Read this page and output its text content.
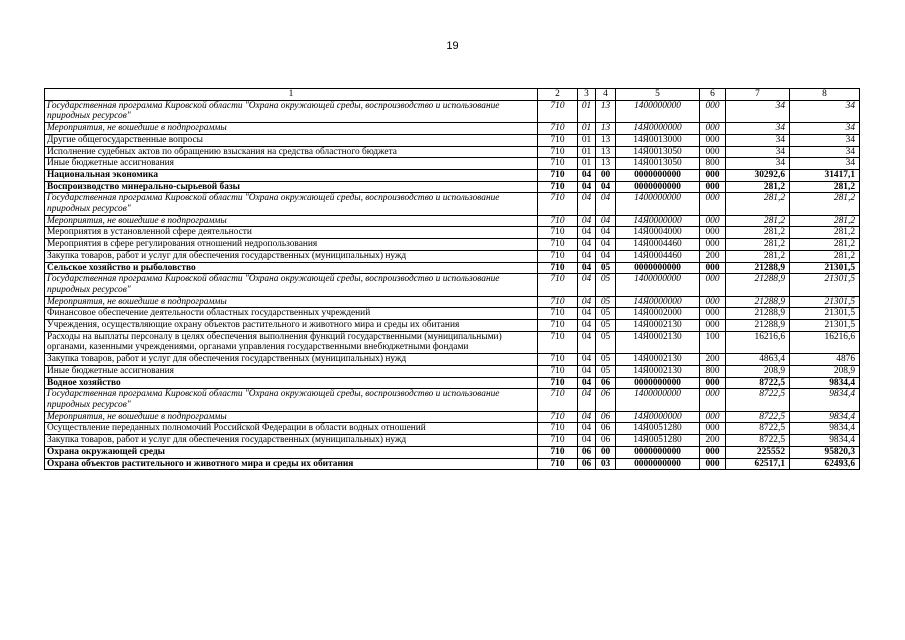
19
1	2	3	4	5	6	7	8
Государственная программа Кировской области "Охрана окружающей среды, воспроизводство и использование природных ресурсов"	710	01	13	1400000000	000	34	34
Мероприятия, не вошедшие в подпрограммы	710	01	13	14Я0000000	000	34	34
Другие общегосударственные вопросы	710	01	13	14Я0013000	000	34	34
Исполнение судебных актов по обращению взыскания на средства областного бюджета	710	01	13	14Я0013050	000	34	34
Иные бюджетные ассигнования	710	01	13	14Я0013050	800	34	34
Национальная экономика	710	04	00	0000000000	000	30292,6	31417,1
Воспроизводство минерально-сырьевой базы	710	04	04	0000000000	000	281,2	281,2
Государственная программа Кировской области "Охрана окружающей среды, воспроизводство и использование природных ресурсов"	710	04	04	1400000000	000	281,2	281,2
Мероприятия, не вошедшие в подпрограммы	710	04	04	14Я0000000	000	281,2	281,2
Мероприятия в установленной сфере деятельности	710	04	04	14Я0004000	000	281,2	281,2
Мероприятия в сфере регулирования отношений недропользования	710	04	04	14Я0004460	000	281,2	281,2
Закупка товаров, работ и услуг для обеспечения государственных (муниципальных) нужд	710	04	04	14Я0004460	200	281,2	281,2
Сельское хозяйство и рыболовство	710	04	05	0000000000	000	21288,9	21301,5
Государственная программа Кировской области "Охрана окружающей среды, воспроизводство и использование природных ресурсов"	710	04	05	1400000000	000	21288,9	21301,5
Мероприятия, не вошедшие в подпрограммы	710	04	05	14Я0000000	000	21288,9	21301,5
Финансовое обеспечение деятельности областных государственных учреждений	710	04	05	14Я0002000	000	21288,9	21301,5
Учреждения, осуществляющие охрану объектов растительного и животного мира и среды их обитания	710	04	05	14Я0002130	000	21288,9	21301,5
Расходы на выплаты персоналу в целях обеспечения выполнения функций государственными (муниципальными) органами, казенными учреждениями, органами управления государственными внебюджетными фондами	710	04	05	14Я0002130	100	16216,6	16216,6
Закупка товаров, работ и услуг для обеспечения государственных (муниципальных) нужд	710	04	05	14Я0002130	200	4863,4	4876
Иные бюджетные ассигнования	710	04	05	14Я0002130	800	208,9	208,9
Водное хозяйство	710	04	06	0000000000	000	8722,5	9834,4
Государственная программа Кировской области "Охрана окружающей среды, воспроизводство и использование природных ресурсов"	710	04	06	1400000000	000	8722,5	9834,4
Мероприятия, не вошедшие в подпрограммы	710	04	06	14Я0000000	000	8722,5	9834,4
Осуществление переданных полномочий Российской Федерации в области водных отношений	710	04	06	14Я0051280	000	8722,5	9834,4
Закупка товаров, работ и услуг для обеспечения государственных (муниципальных) нужд	710	04	06	14Я0051280	200	8722,5	9834,4
Охрана окружающей среды	710	06	00	0000000000	000	225552	95820,3
Охрана объектов растительного и животного мира и среды их обитания	710	06	03	0000000000	000	62517,1	62493,6
